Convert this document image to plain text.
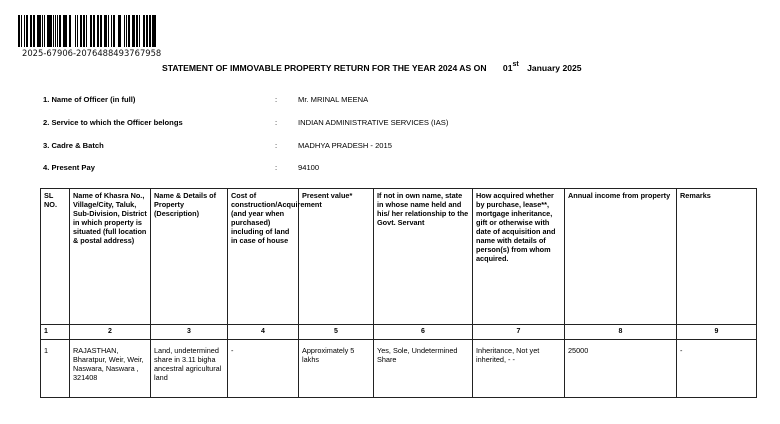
2025-67906-2076488493767958
STATEMENT OF IMMOVABLE PROPERTY RETURN FOR THE YEAR 2024 AS ON 01st January 2025
1. Name of Officer (in full)	:	Mr. MRINAL MEENA
2. Service to which the Officer belongs	:	INDIAN ADMINISTRATIVE SERVICES (IAS)
3. Cadre & Batch	:	MADHYA PRADESH - 2015
4. Present Pay	:	94100
SL NO.	Name of Khasra No., Village/City, Taluk, Sub-Division, District in which property is situated (full location & postal address)	Name & Details of Property (Description)	Cost of construction/Acquirement (and year when purchased) including of land in case of house	Present value*	If not in own name, state in whose name held and his/ her relationship to the Govt. Servant	How acquired whether by purchase, lease**, mortgage inheritance, gift or otherwise with date of acquisition and name with details of person(s) from whom acquired.	Annual income from property	Remarks
1	2	3	4	5	6	7	8	9
1	RAJASTHAN, Bharatpur, Weir, Weir, Naswara, Naswara , 321408	Land, undetermined share in 3.11 bigha ancestral agricultural land	-	Approximately 5 lakhs	Yes, Sole, Undetermined Share	Inheritance, Not yet inherited, - -	25000	-
